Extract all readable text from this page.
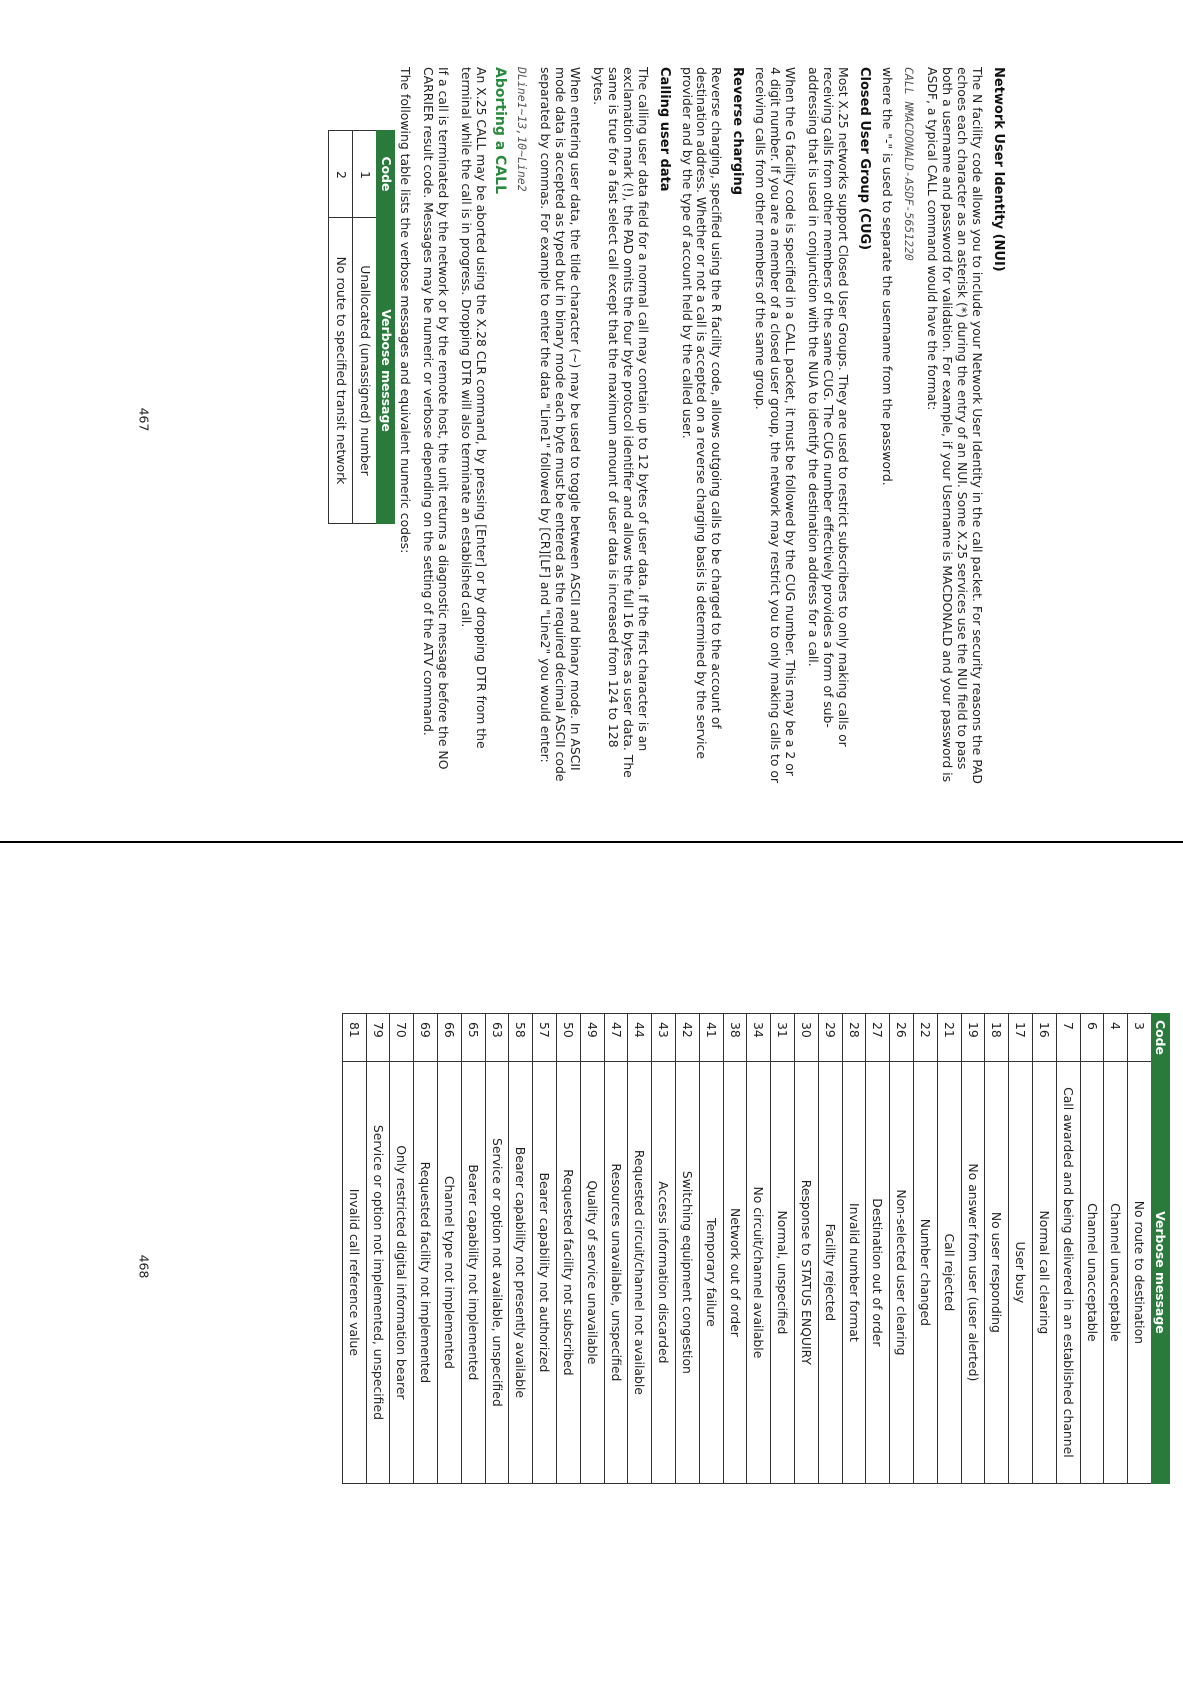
Network User Identity (NUI)

The N facility code allows you to include your Network User Identity in the call packet. For security reasons the PAD echoes each character as an asterisk (*) during the entry of an NUI. Some X.25 services use the NUI field to pass both a username and password for validation. For example, if your Username is MACDONALD and your password is ASDF, a typical CALL command would have the format:

CALL NMACDONALD-ASDF-5651220

where the "-" is used to separate the username from the password.

Closed User Group (CUG)

Most X.25 networks support Closed User Groups. They are used to restrict subscribers to only making calls or receiving calls from other members of the same CUG. The CUG number effectively provides a form of sub-addressing that is used in conjunction with the NUA to identify the destination address for a call.

When the G facility code is specified in a CALL packet, it must be followed by the CUG number. This may be a 2 or 4 digit number. If you are a member of a closed user group, the network may restrict you to only making calls to or receiving calls from other members of the same group.

Reverse charging

Reverse charging, specified using the R facility code, allows outgoing calls to be charged to the account of destination address. Whether or not a call is accepted on a reverse charging basis is determined by the service provider and by the type of account held by the called user.

Calling user data

The calling user data field for a normal call may contain up to 12 bytes of user data. If the first character is an exclamation mark (!), the PAD omits the four byte protocol identifier and allows the full 16 bytes as user data. The same is true for a fast select call except that the maximum amount of user data is increased from 124 to 128 bytes.

When entering user data, the tilde character (~) may be used to toggle between ASCII and binary mode. In ASCII mode data is accepted as typed but in binary mode each byte must be entered as the required decimal ASCII code separated by commas. For example to enter the data "Line1" followed by [CR][LF] and "Line2" you would enter:

DLine1~13,10~Line2
Aborting a CALL

An X.25 CALL may be aborted using the X.28 CLR command, by pressing [Enter] or by dropping DTR from the terminal while the call is in progress. Dropping DTR will also terminate an established call.

If a call is terminated by the network or by the remote host, the unit returns a diagnostic message before the NO CARRIER result code. Messages may be numeric or verbose depending on the setting of the ATV command.

The following table lists the verbose messages and equivalent numeric codes:

Code	Verbose message
1	Unallocated (unassigned) number
2	No route to specified transit network
467
Code	Verbose message
3	No route to destination
4	Channel unacceptable
6	Channel unacceptable
7	Call awarded and being delivered in an established channel
16	Normal call clearing
17	User busy
18	No user responding
19	No answer from user (user alerted)
21	Call rejected
22	Number changed
26	Non-selected user clearing
27	Destination out of order
28	Invalid number format
29	Facility rejected
30	Response to STATUS ENQUIRY
31	Normal, unspecified
34	No circuit/channel available
38	Network out of order
41	Temporary failure
42	Switching equipment congestion
43	Access information discarded
44	Requested circuit/channel not available
47	Resources unavailable, unspecified
49	Quality of service unavailable
50	Requested facility not subscribed
57	Bearer capability not authorized
58	Bearer capability not presently available
63	Service or option not available, unspecified
65	Bearer capability not implemented
66	Channel type not implemented
69	Requested facility not implemented
70	Only restricted digital information bearer
79	Service or option not implemented, unspecified
81	Invalid call reference value
468
